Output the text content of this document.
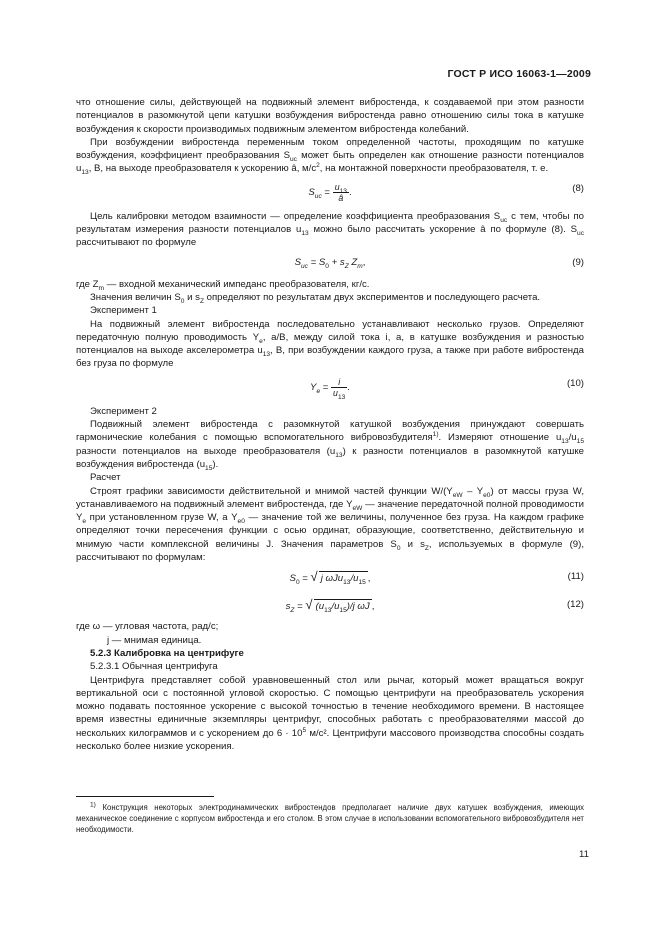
ГОСТ Р ИСО 16063-1—2009

что отношение силы, действующей на подвижный элемент вибростенда, к создаваемой при этом разности потенциалов в разомкнутой цепи катушки возбуждения вибростенда равно отношению силы тока в катушке возбуждения к скорости производимых подвижным элементом вибростенда колебаний.

При возбуждении вибростенда переменным током определенной частоты, проходящим по катушке возбуждения, коэффициент преобразования $S_{uc}$ может быть определен как отношение разности потенциалов $u_{13}$, В, на выходе преобразователя к ускорению â, $м/с^2$, на монтажной поверхности преобразователя, т. е.

$S_{uc} = \frac{u_{13}}{â}$ .	(8)

Цель калибровки методом взаимности — определение коэффициента преобразования $S_{uc}$ с тем, чтобы по результатам измерения разности потенциалов $u_{13}$ можно было рассчитать ускорение â по формуле (8). $S_{uc}$ рассчитывают по формуле

$S_{uc} = S_0 + s_Z$ $Z_m$,	(9)

где $Z_m$ — входной механический импеданс преобразователя, кг/с.

Значения величин $S_0$ и $s_Z$ определяют по результатам двух экспериментов и последующего расчета.

Эксперимент 1

На подвижный элемент вибростенда последовательно устанавливают несколько грузов. Определяют передаточную полную проводимость $Y_e$, а/В, между силой тока i, а, в катушке возбуждения и разностью потенциалов на выходе акселерометра $u_{13}$, В, при возбуждении каждого груза, а также при работе вибростенда без груза по формуле

$Y_e = \frac{i}{u_{13}}$ .	(10)

Эксперимент 2

Подвижный элемент вибростенда с разомкнутой катушкой возбуждения принуждают совершать гармонические колебания с помощью вспомогательного вибровозбудителя$^{1)}$. Измеряют отношение $u_{13}/u_{15}$ разности потенциалов на выходе преобразователя $(u_{13})$ к разности потенциалов в разомкнутой катушке возбуждения вибростенда $(u_{15})$.

Расчет

Строят графики зависимости действительной и мнимой частей функции $W/(Y_{eW} - Y_{e0})$ от массы груза W, устанавливаемого на подвижный элемент вибростенда, где $Y_{eW}$ — значение передаточной полной проводимости $Y_e$ при установленном грузе W, а $Y_{e0}$ — значение той же величины, полученное без груза. На каждом графике определяют точки пересечения функции с осью ординат, образующие, соответственно, действительную и мнимую части комплексной величины J. Значения параметров $S_0$ и $s_Z$, используемых в формуле (9), рассчитывают по формулам:

$S_0$ = √ j $\omega Ju_{13}/u_{15}$ ,	(11)
$s_Z$ = √ $(u_{13}/u_{15})/j$ ωJ ,	(12)

где ω — угловая частота, рад/с;

j — мнимая единица.

5.2.3 Калибровка на центрифуге

5.2.3.1 Обычная центрифуга

Центрифуга представляет собой уравновешенный стол или рычаг, который может вращаться вокруг вертикальной оси с постоянной угловой скоростью. С помощью центрифуги на преобразователь ускорения можно подавать постоянное ускорение с высокой точностью в течение необходимого времени. В настоящее время известны единичные экземпляры центрифуг, способных работать с преобразователями массой до нескольких килограммов и с ускорением до $6 \cdot 10^5$ м/с². Центрифуги массового производства способны создать несколько более низкие ускорения.

$^{1)}$ Конструкция некоторых электродинамических вибростендов предполагает наличие двух катушек возбуждения, имеющих механическое соединение с корпусом вибростенда и его столом. В этом случае в использовании вспомогательного вибровозбудителя нет необходимости.
11
